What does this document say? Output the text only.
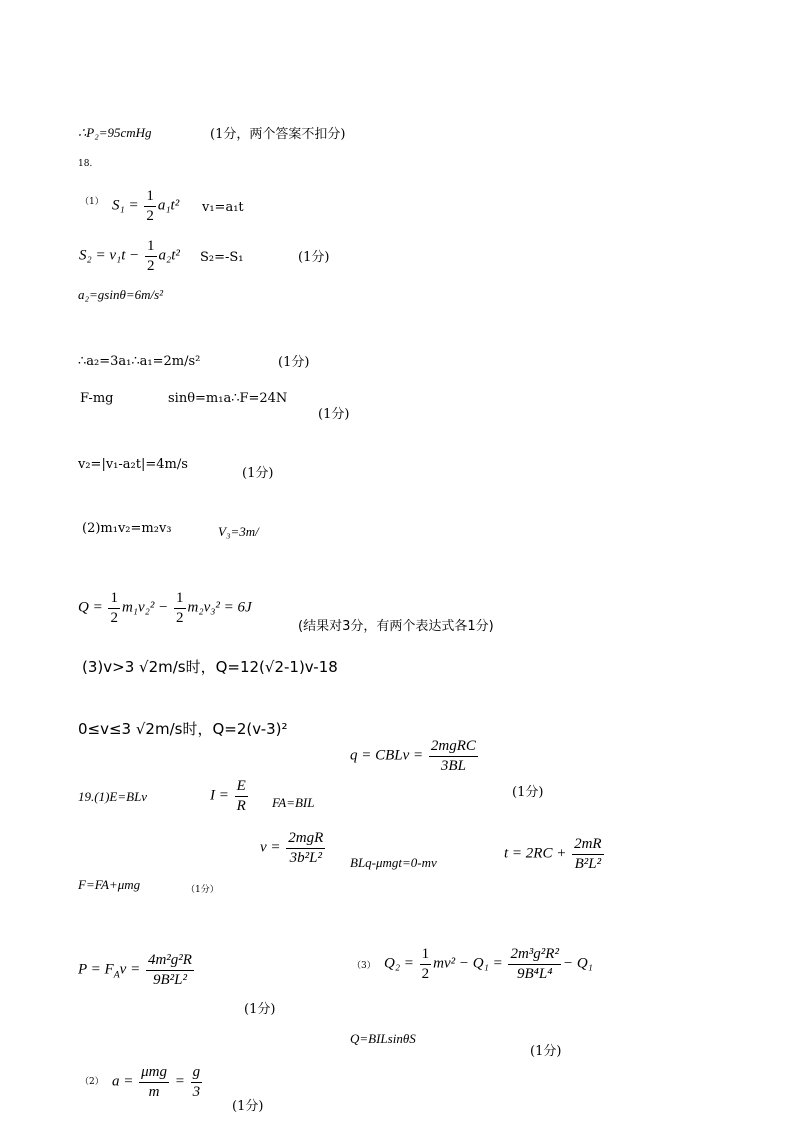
∴P₂=95cmHg	(1分，两个答案不扣分)
18.
（1） $S_1 = \frac{1}{2} a_1t^2$ v₁=a₁t
$S_2 = v_1t - \frac{1}{2} a_2t^2$ S₂=-S₁	(1分)
a₂=gsinθ=6m/s²
∴a₂=3a₁∴a₁=2m/s²	(1分)
F-mg	sinθ=m₁a∴F=24N
(1分)
v₂=|v₁-a₂t|=4m/s
(1分)
(2)m₁v₂=m₂v₃	V₃=3m/
$Q = \frac{1}{2} m_1v_2^2 - \frac{1}{2} m_2v_3^2 = 6J$
(结果对3分，有两个表达式各1分)
(3)v>3 √2m/s时，Q=12(√2-1)v-18
0≤v≤3 √2m/s时，Q=2(v-3)²
q = CBLv = $\frac{\text{2mgRC}}{3BL}$
19.(1)E=BLv	$I = \frac{E}{R} FA=BIL$
(1分)
$v = \frac{\text{2mgR}}{\text{3b²L²}} BLq-\mu mgt=0-mv$
$t = 2RC + \frac{2mR}{\text{B²L²}}$
F=FA+μmg	（1分）
$P = F_Av = \frac{\text{4m²g²R}}{\text{9B²L²}}$	（3） $Q_2 = \frac{1}{2} mv^2 - Q_1 = \frac{\text{2m³g²R²}}{\text{9B⁴L⁴}} - Q_1$
(1分)
Q=BILsinθS
(1分)
（2） $a = \frac{\text{μmg}}{m} = \frac{g}{3}$
(1分)
